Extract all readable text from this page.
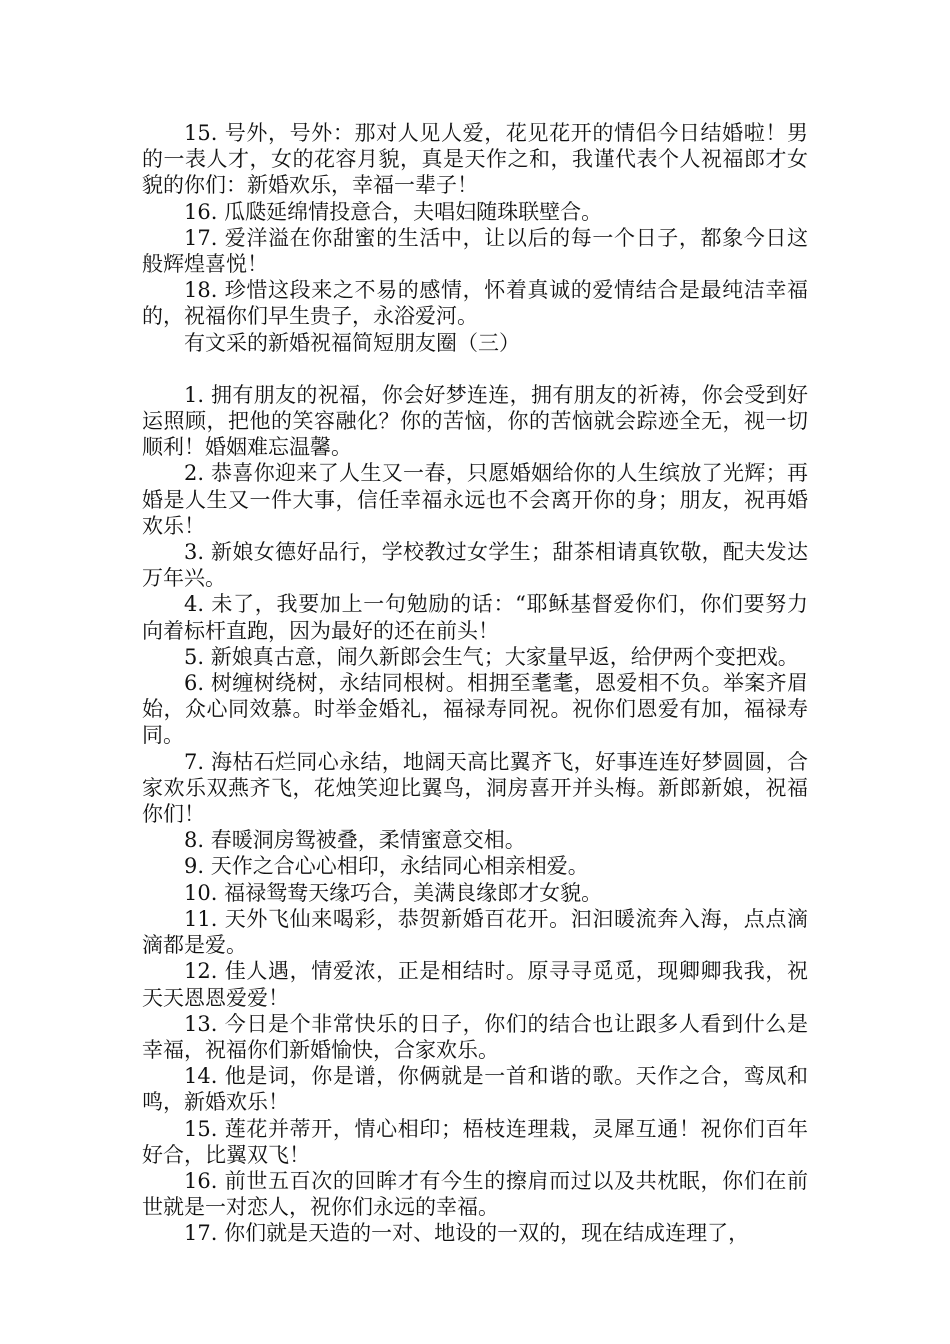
15. 号外，号外：那对人见人爱，花见花开的情侣今日结婚啦！男的一表人才，女的花容月貌，真是天作之和，我谨代表个人祝福郎才女貌的你们：新婚欢乐，幸福一辈子！

16. 瓜瓞延绵情投意合，夫唱妇随珠联壁合。

17. 爱洋溢在你甜蜜的生活中，让以后的每一个日子，都象今日这般辉煌喜悦！

18. 珍惜这段来之不易的感情，怀着真诚的爱情结合是最纯洁幸福的，祝福你们早生贵子，永浴爱河。

有文采的新婚祝福简短朋友圈（三）

1. 拥有朋友的祝福，你会好梦连连，拥有朋友的祈祷，你会受到好运照顾，把他的笑容融化？你的苦恼，你的苦恼就会踪迹全无，视一切顺利！婚姻难忘温馨。

2. 恭喜你迎来了人生又一春，只愿婚姻给你的人生缤放了光辉；再婚是人生又一件大事，信任幸福永远也不会离开你的身；朋友，祝再婚欢乐！

3. 新娘女德好品行，学校教过女学生；甜茶相请真钦敬，配夫发达万年兴。

4. 未了，我要加上一句勉励的话：“耶稣基督爱你们，你们要努力向着标杆直跑，因为最好的还在前头！

5. 新娘真古意，闹久新郎会生气；大家量早返，给伊两个变把戏。

6. 树缠树绕树，永结同根树。相拥至耄耄，恩爱相不负。举案齐眉始，众心同效慕。时举金婚礼，福禄寿同祝。祝你们恩爱有加，福禄寿同。

7. 海枯石烂同心永结，地阔天高比翼齐飞，好事连连好梦圆圆，合家欢乐双燕齐飞，花烛笑迎比翼鸟，洞房喜开并头梅。新郎新娘，祝福你们！

8. 春暖洞房鸳被叠，柔情蜜意交相。

9. 天作之合心心相印，永结同心相亲相爱。

10. 福禄鸳鸯天缘巧合，美满良缘郎才女貌。

11. 天外飞仙来喝彩，恭贺新婚百花开。汩汩暖流奔入海，点点滴滴都是爱。

12. 佳人遇，情爱浓，正是相结时。原寻寻觅觅，现卿卿我我，祝天天恩恩爱爱！

13. 今日是个非常快乐的日子，你们的结合也让跟多人看到什么是幸福，祝福你们新婚愉快，合家欢乐。

14. 他是词，你是谱，你俩就是一首和谐的歌。天作之合，鸾凤和鸣，新婚欢乐！

15. 莲花并蒂开，情心相印；梧枝连理栽，灵犀互通！祝你们百年好合，比翼双飞！

16. 前世五百次的回眸才有今生的擦肩而过以及共枕眠，你们在前世就是一对恋人，祝你们永远的幸福。

17. 你们就是天造的一对、地设的一双的，现在结成连理了，
